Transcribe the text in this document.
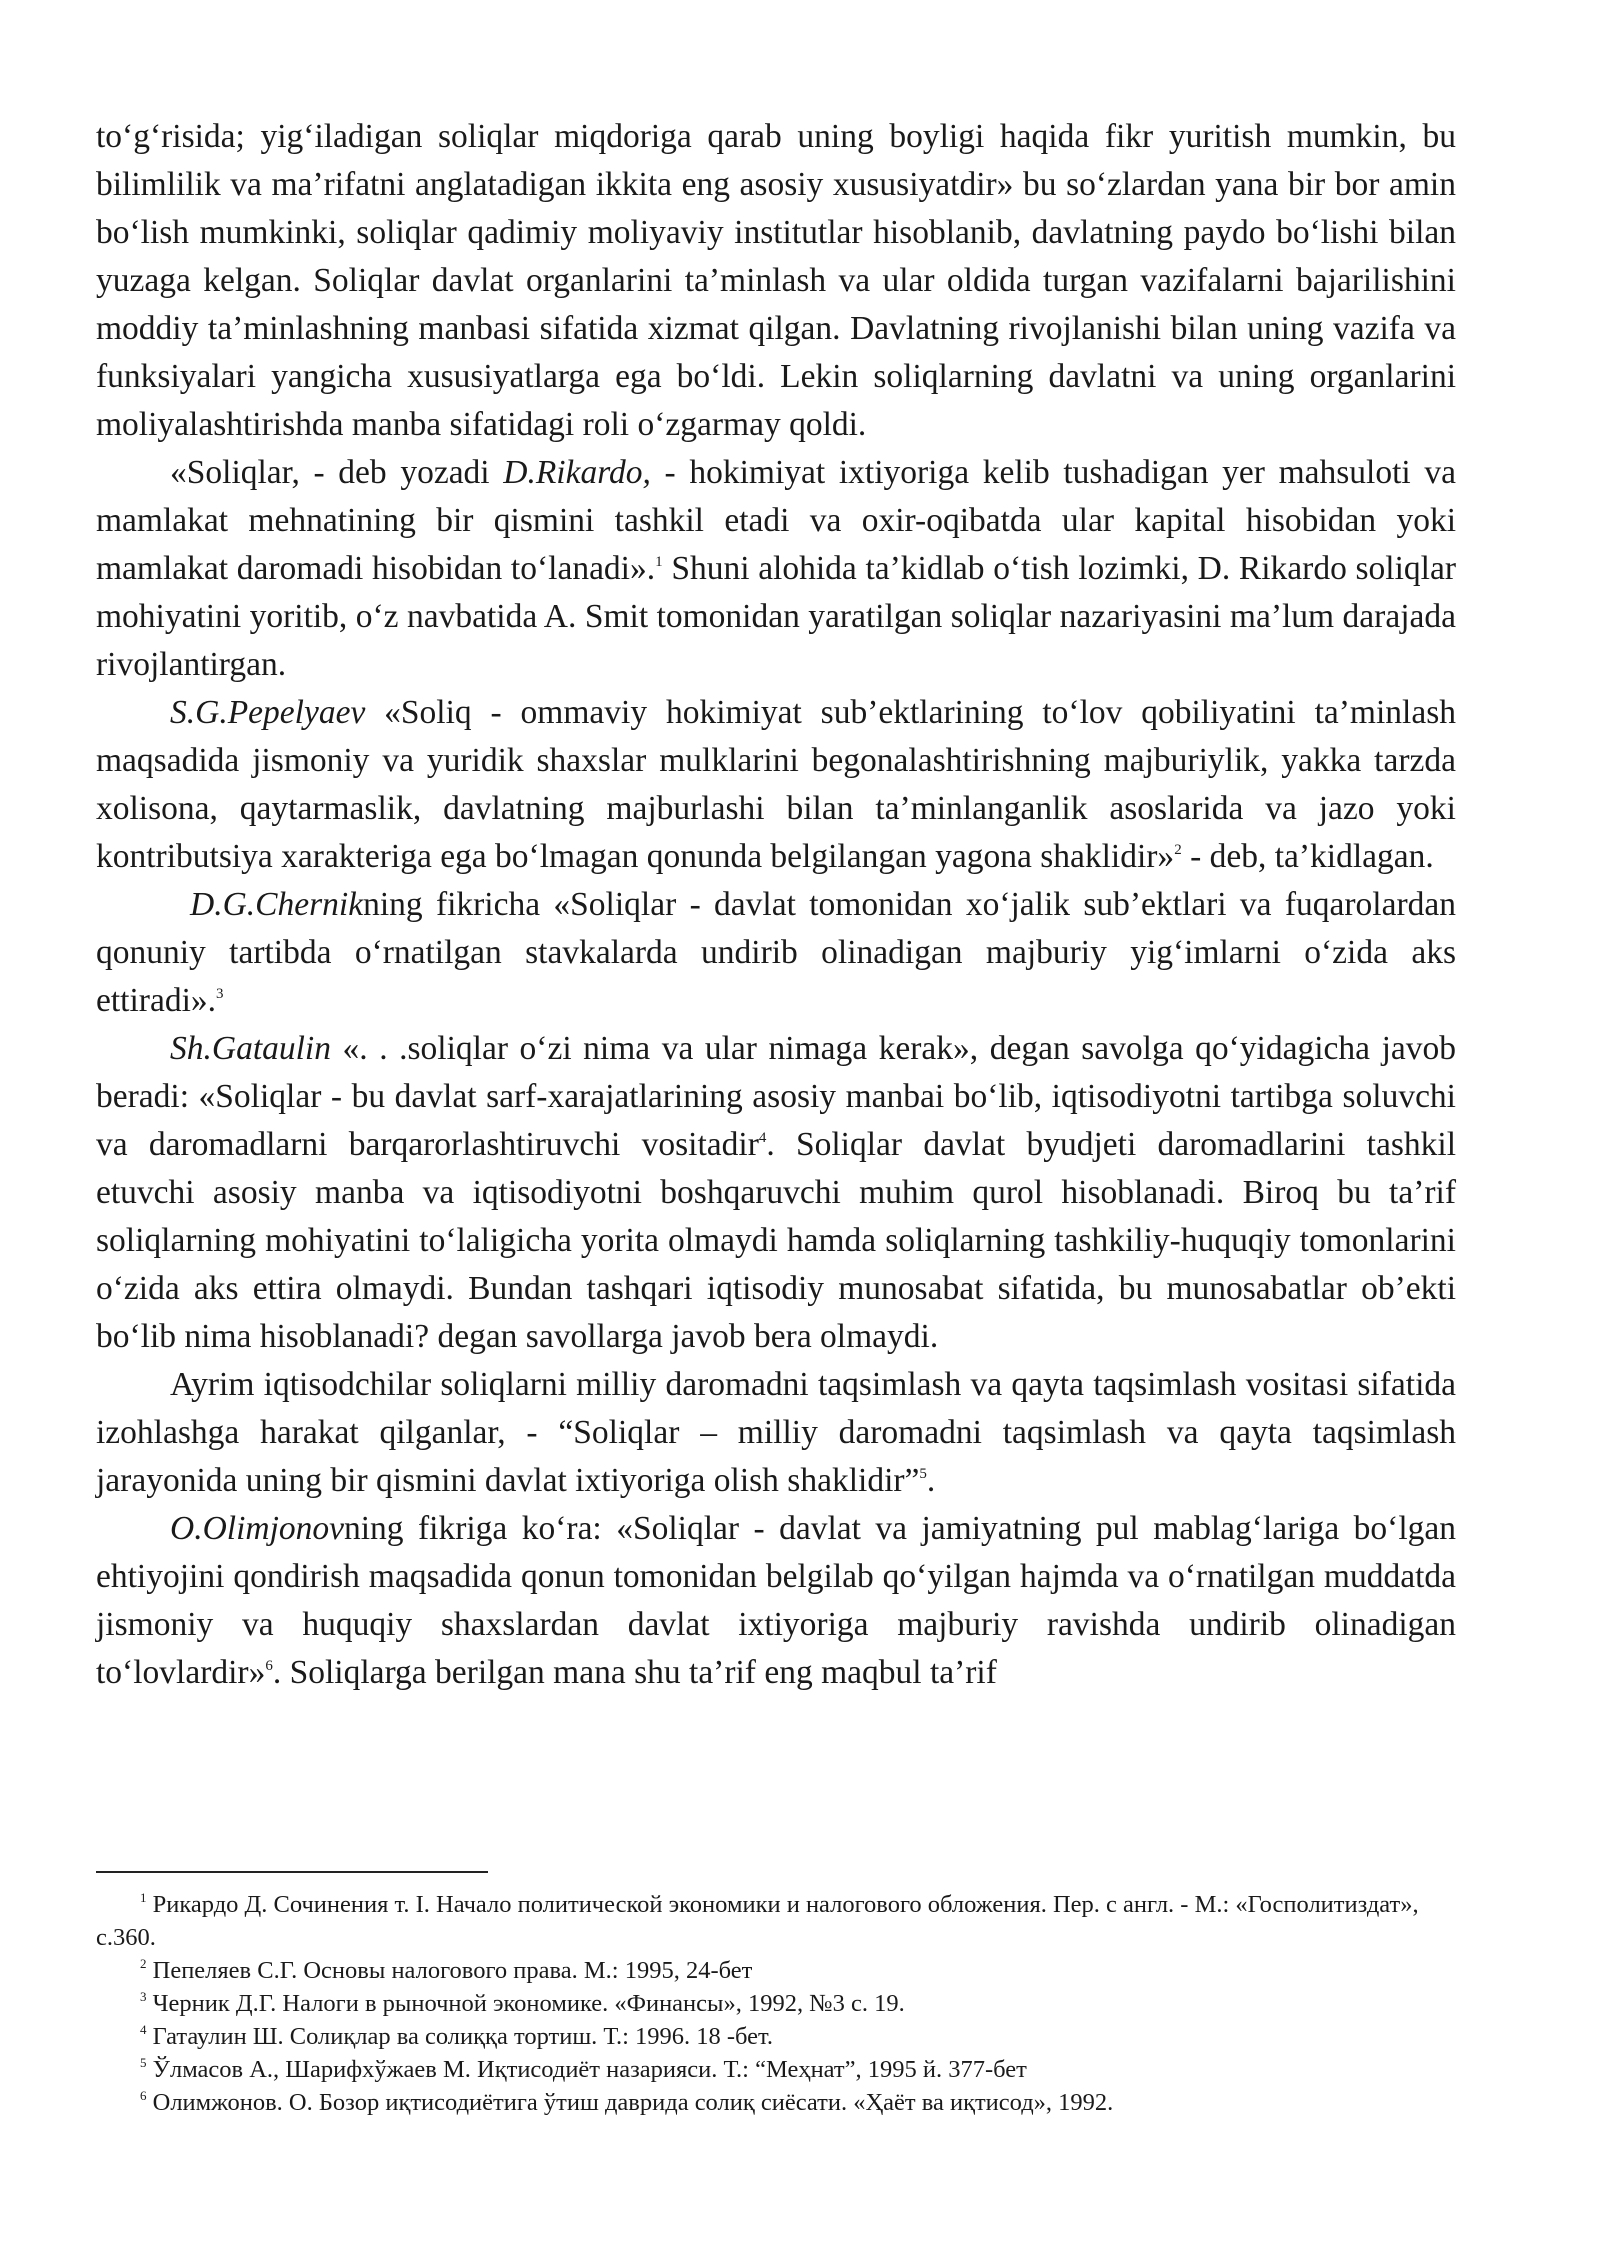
to‘g‘risida; yig‘iladigan soliqlar miqdoriga qarab uning boyligi haqida fikr yuritish mumkin, bu bilimlilik va ma’rifatni anglatadigan ikkita eng asosiy xususiyatdir» bu so‘zlardan yana bir bor amin bo‘lish mumkinki, soliqlar qadimiy moliyaviy institutlar hisoblanib, davlatning paydo bo‘lishi bilan yuzaga kelgan. Soliqlar davlat organlarini ta’minlash va ular oldida turgan vazifalarni bajarilishini moddiy ta’minlashning manbasi sifatida xizmat qilgan. Davlatning rivojlanishi bilan uning vazifa va funksiyalari yangicha xususiyatlarga ega bo‘ldi. Lekin soliqlarning davlatni va uning organlarini moliyalashtirishda manba sifatidagi roli o‘zgarmay qoldi.

«Soliqlar, - deb yozadi D.Rikardo, - hokimiyat ixtiyoriga kelib tushadigan yer mahsuloti va mamlakat mehnatining bir qismini tashkil etadi va oxir-oqibatda ular kapital hisobidan yoki mamlakat daromadi hisobidan to‘lanadi».$^1$ Shuni alohida ta’kidlab o‘tish lozimki, D. Rikardo soliqlar mohiyatini yoritib, o‘z navbatida A. Smit tomonidan yaratilgan soliqlar nazariyasini ma’lum darajada rivojlantirgan.

S.G.Pepelyaev «Soliq - ommaviy hokimiyat sub’ektlarining to‘lov qobiliyatini ta’minlash maqsadida jismoniy va yuridik shaxslar mulklarini begonalashtirishning majburiylik, yakka tarzda xolisona, qaytarmaslik, davlatning majburlashi bilan ta’minlanganlik asoslarida va jazo yoki kontributsiya xarakteriga ega bo‘lmagan qonunda belgilangan yagona shaklidir»$^2$ - deb, ta’kidlagan.

D.G.Chernikning fikricha «Soliqlar - davlat tomonidan xo‘jalik sub’ektlari va fuqarolardan qonuniy tartibda o‘rnatilgan stavkalarda undirib olinadigan majburiy yig‘imlarni o‘zida aks ettiradi».$^3$

Sh.Gataulin «. . .soliqlar o‘zi nima va ular nimaga kerak», degan savolga qo‘yidagicha javob beradi: «Soliqlar - bu davlat sarf-xarajatlarining asosiy manbai bo‘lib, iqtisodiyotni tartibga soluvchi va daromadlarni barqarorlashtiruvchi vositadir$^4$. Soliqlar davlat byudjeti daromadlarini tashkil etuvchi asosiy manba va iqtisodiyotni boshqaruvchi muhim qurol hisoblanadi. Biroq bu ta’rif soliqlarning mohiyatini to‘laligicha yorita olmaydi hamda soliqlarning tashkiliy-huquqiy tomonlarini o‘zida aks ettira olmaydi. Bundan tashqari iqtisodiy munosabat sifatida, bu munosabatlar ob’ekti bo‘lib nima hisoblanadi? degan savollarga javob bera olmaydi.

Ayrim iqtisodchilar soliqlarni milliy daromadni taqsimlash va qayta taqsimlash vositasi sifatida izohlashga harakat qilganlar, - “Soliqlar – milliy daromadni taqsimlash va qayta taqsimlash jarayonida uning bir qismini davlat ixtiyoriga olish shaklidir”$^5$.

O.Olimjonovning fikriga ko‘ra: «Soliqlar - davlat va jamiyatning pul mablag‘lariga bo‘lgan ehtiyojini qondirish maqsadida qonun tomonidan belgilab qo‘yilgan hajmda va o‘rnatilgan muddatda jismoniy va huquqiy shaxslardan davlat ixtiyoriga majburiy ravishda undirib olinadigan to‘lovlardir»$^6$. Soliqlarga berilgan mana shu ta’rif eng maqbul ta’rif

$^1$ Рикардо Д. Сочинения т. I. Начало политической экономики и налогового обложения. Пер. с англ. - М.: «Госполитиздат», с.360.

$^2$ Пепеляев С.Г. Основы налогового права. М.: 1995, 24-бет

$^3$ Черник Д.Г. Налоги в рыночной экономике. «Финансы», 1992, №3 с. 19.

$^4$ Гатаулин Ш. Солиқлар ва солиққа тортиш. Т.: 1996. 18 -бет.

$^5$ Ўлмасов А., Шарифхўжаев М. Иқтисодиёт назарияси. Т.: “Меҳнат”, 1995 й. 377-бет

$^6$ Олимжонов. О. Бозор иқтисодиётига ўтиш даврида солиқ сиёсати. «Ҳаёт ва иқтисод», 1992.
